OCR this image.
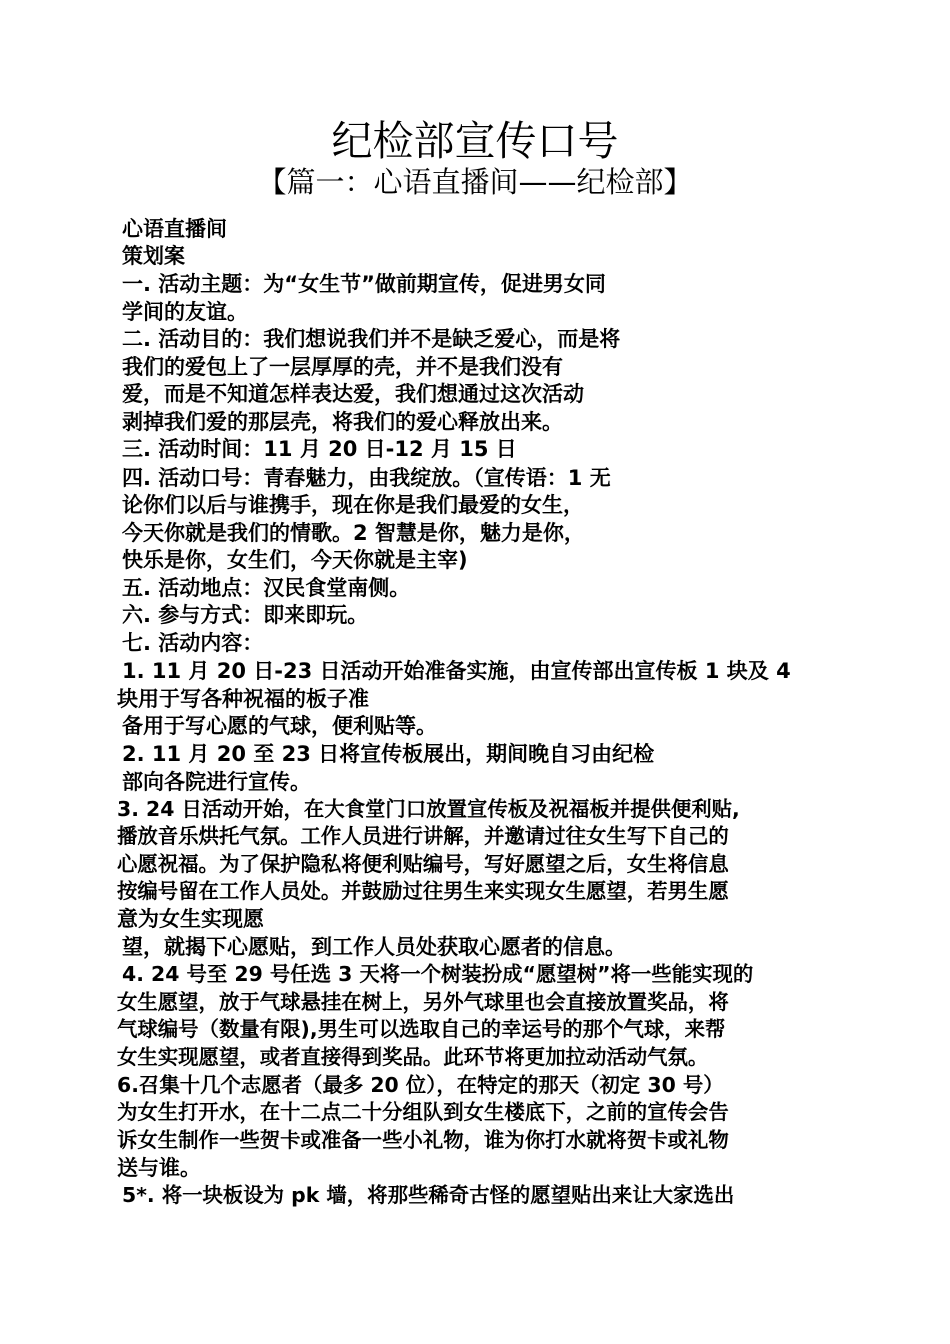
纪检部宣传口号
【篇一：心语直播间——纪检部】
心语直播间
策划案
一. 活动主题：为“女生节”做前期宣传，促进男女同
学间的友谊。
二. 活动目的：我们想说我们并不是缺乏爱心，而是将
我们的爱包上了一层厚厚的壳，并不是我们没有
爱，而是不知道怎样表达爱，我们想通过这次活动
剥掉我们爱的那层壳，将我们的爱心释放出来。
三. 活动时间：11 月 20 日-12 月 15 日
四. 活动口号：青春魅力，由我绽放。（宣传语：1 无
论你们以后与谁携手，现在你是我们最爱的女生，
今天你就是我们的情歌。2 智慧是你，魅力是你，
快乐是你，女生们，今天你就是主宰)
五. 活动地点：汉民食堂南侧。
六. 参与方式：即来即玩。
七. 活动内容：
1. 11 月 20 日-23 日活动开始准备实施，由宣传部出宣传板 1 块及 4
块用于写各种祝福的板子准
备用于写心愿的气球，便利贴等。
2. 11 月 20 至 23 日将宣传板展出，期间晚自习由纪检
部向各院进行宣传。
3. 24 日活动开始，在大食堂门口放置宣传板及祝福板并提供便利贴,
播放音乐烘托气氛。工作人员进行讲解，并邀请过往女生写下自己的
心愿祝福。为了保护隐私将便利贴编号，写好愿望之后，女生将信息
按编号留在工作人员处。并鼓励过往男生来实现女生愿望，若男生愿
意为女生实现愿
望，就揭下心愿贴，到工作人员处获取心愿者的信息。
4. 24 号至 29 号任选 3 天将一个树装扮成“愿望树”将一些能实现的
女生愿望，放于气球悬挂在树上，另外气球里也会直接放置奖品，将
气球编号（数量有限),男生可以选取自己的幸运号的那个气球，来帮
女生实现愿望，或者直接得到奖品。此环节将更加拉动活动气氛。
6.召集十几个志愿者（最多 20 位），在特定的那天（初定 30 号）
为女生打开水，在十二点二十分组队到女生楼底下，之前的宣传会告
诉女生制作一些贺卡或准备一些小礼物，谁为你打水就将贺卡或礼物
送与谁。
5*. 将一块板设为 pk 墙，将那些稀奇古怪的愿望贴出来让大家选出
